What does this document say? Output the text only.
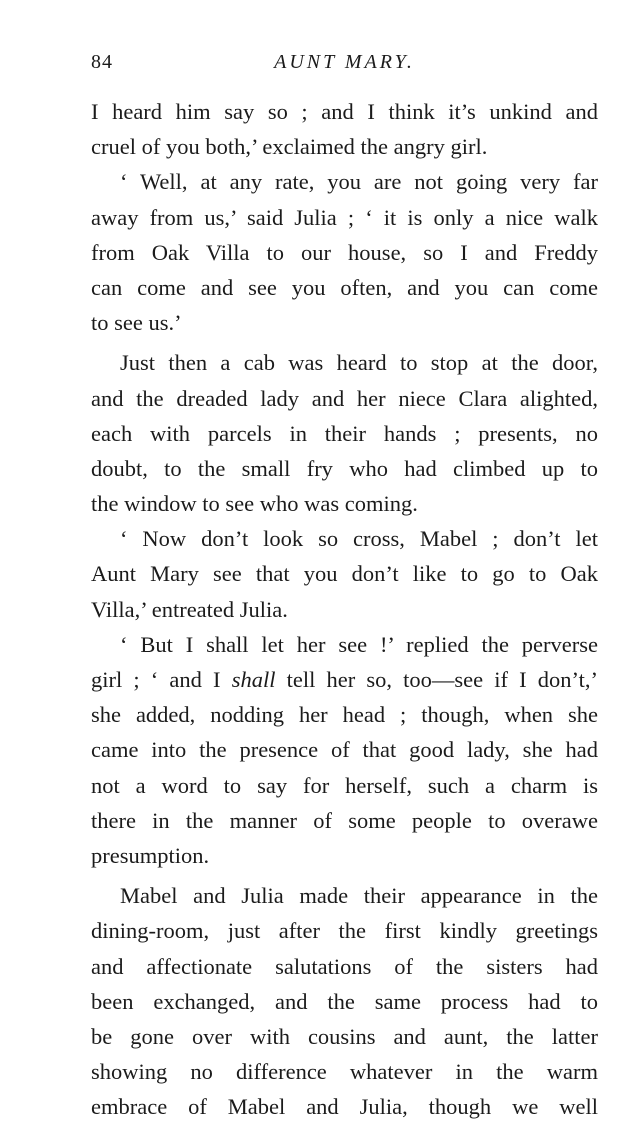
84	AUNT MARY.
I heard him say so ; and I think it’s unkind and
cruel of you both,’ exclaimed the angry girl.
‘ Well, at any rate, you are not going very far
away from us,’ said Julia ; ‘ it is only a nice walk
from Oak Villa to our house, so I and Freddy
can come and see you often, and you can come
to see us.’
Just then a cab was heard to stop at the door,
and the dreaded lady and her niece Clara alighted,
each with parcels in their hands ; presents, no
doubt, to the small fry who had climbed up to
the window to see who was coming.
‘ Now don’t look so cross, Mabel ; don’t let
Aunt Mary see that you don’t like to go to Oak
Villa,’ entreated Julia.
‘ But I shall let her see !’ replied the perverse
girl ; ‘ and I shall tell her so, too—see if I don’t,’
she added, nodding her head ; though, when she
came into the presence of that good lady, she had
not a word to say for herself, such a charm is
there in the manner of some people to overawe
presumption.
Mabel and Julia made their appearance in the
dining-room, just after the first kindly greetings
and affectionate salutations of the sisters had
been exchanged, and the same process had to
be gone over with cousins and aunt, the latter
showing no difference whatever in the warm
embrace of Mabel and Julia, though we well
